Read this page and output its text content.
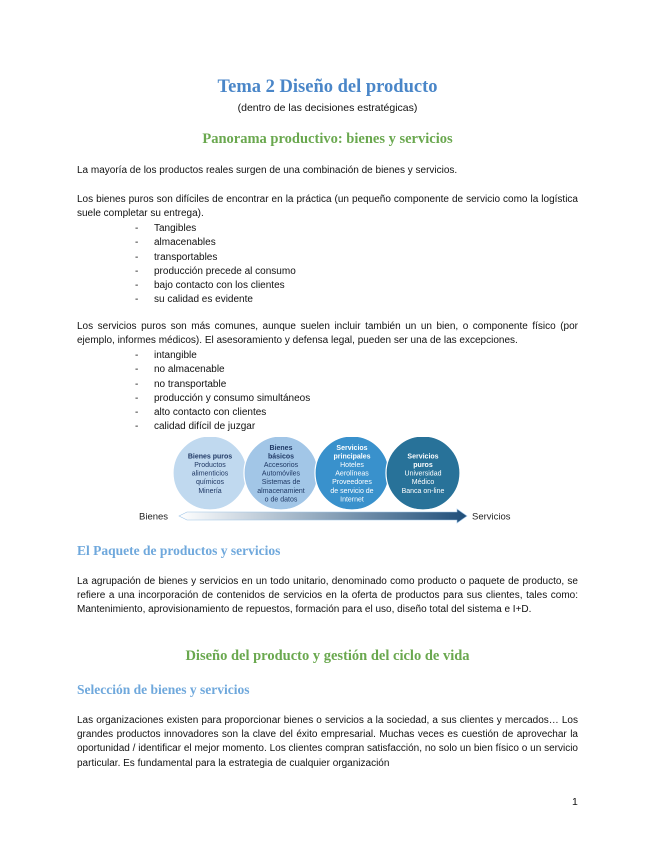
Tema 2 Diseño del producto
(dentro de las decisiones estratégicas)
Panorama productivo: bienes y servicios

La mayoría de los productos reales surgen de una combinación de bienes y servicios.

Los bienes puros son difíciles de encontrar en la práctica (un pequeño componente de servicio como la logística suele completar su entrega).

- Tangibles
- almacenables
- transportables
- producción precede al consumo
- bajo contacto con los clientes
- su calidad es evidente

Los servicios puros son más comunes, aunque suelen incluir también un un bien, o componente físico (por ejemplo, informes médicos). El asesoramiento y defensa legal, pueden ser una de las excepciones.

- intangible
- no almacenable
- no transportable
- producción y consumo simultáneos
- alto contacto con clientes
- calidad difícil de juzgar
Bienes puros
Productos
alimenticios
químicos
Minería
Bienes
básicos
Accesorios
Automóviles
Sistemas de
almacenamient
o de datos
Servicios
principales
Hoteles
Aerolíneas
Proveedores
de servicio de
Internet
Servicios
puros
Universidad
Médico
Banca on-line
Bienes	Servicios
El Paquete de productos y servicios

La agrupación de bienes y servicios en un todo unitario, denominado como producto o paquete de producto, se refiere a una incorporación de contenidos de servicios en la oferta de productos para sus clientes, tales como: Mantenimiento, aprovisionamiento de repuestos, formación para el uso, diseño total del sistema e I+D.

Diseño del producto y gestión del ciclo de vida
Selección de bienes y servicios

Las organizaciones existen para proporcionar bienes o servicios a la sociedad, a sus clientes y mercados… Los grandes productos innovadores son la clave del éxito empresarial. Muchas veces es cuestión de aprovechar la oportunidad / identificar el mejor momento. Los clientes compran satisfacción, no solo un bien físico o un servicio particular. Es fundamental para la estrategia de cualquier organización

1
